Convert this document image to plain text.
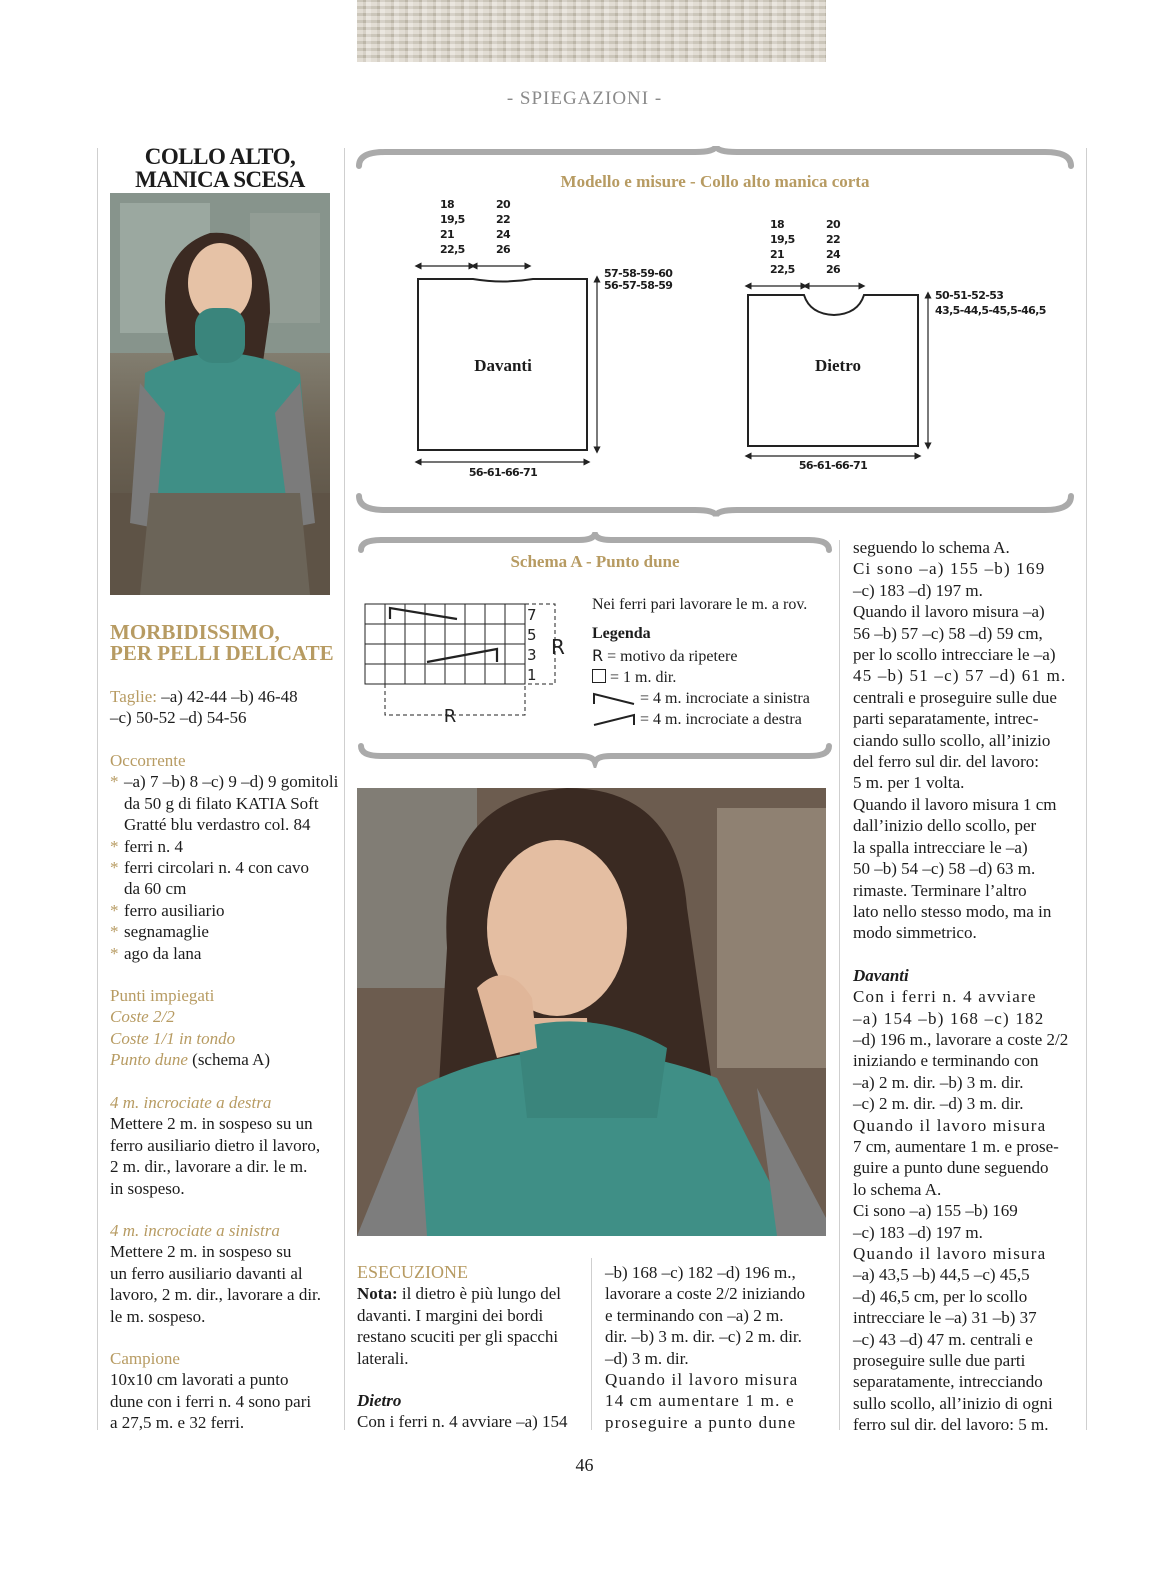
- SPIEGAZIONI -
COLLO ALTO,
MANICA SCESA
MORBIDISSIMO,
PER PELLI DELICATE
Taglie: –a) 42-44 –b) 46-48
–c) 50-52 –d) 54-56
Occorrente
* –a) 7 –b) 8 –c) 9 –d) 9 gomitoli
da 50 g di filato KATIA Soft
Gratté blu verdastro col. 84
* ferri n. 4
* ferri circolari n. 4 con cavo
da 60 cm
* ferro ausiliario
* segnamaglie
* ago da lana
Punti impiegati
Coste 2/2
Coste 1/1 in tondo
Punto dune (schema A)
4 m. incrociate a destra
Mettere 2 m. in sospeso su un
ferro ausiliario dietro il lavoro,
2 m. dir., lavorare a dir. le m.
in sospeso.
4 m. incrociate a sinistra
Mettere 2 m. in sospeso su
un ferro ausiliario davanti al
lavoro, 2 m. dir., lavorare a dir.
le m. sospeso.
Campione
10x10 cm lavorati a punto
dune con i ferri n. 4 sono pari
a 27,5 m. e 32 ferri.
Modello e misure - Collo alto manica corta
18
19,5
21
22,5
20
22
24
26
Davanti
57-58-59-60
56-57-58-59
56-61-66-71
18
19,5
21
22,5
20
22
24
26
Dietro
50-51-52-53
43,5-44,5-45,5-46,5
56-61-66-71
Schema A - Punto dune
R
7
5
3
1
R
Nei ferri pari lavorare le m. a rov.
Legenda
R = motivo da ripetere
= 1 m. dir.
= 4 m. incrociate a sinistra
= 4 m. incrociate a destra
ESECUZIONE
Nota: il dietro è più lungo del
davanti. I margini dei bordi
restano scuciti per gli spacchi
laterali.
Dietro
Con i ferri n. 4 avviare –a) 154
–b) 168 –c) 182 –d) 196 m.,
lavorare a coste 2/2 iniziando
e terminando con –a) 2 m.
dir. –b) 3 m. dir. –c) 2 m. dir.
–d) 3 m. dir.
Quando il lavoro misura
14 cm aumentare 1 m. e
proseguire a punto dune
seguendo lo schema A.
Ci sono –a) 155 –b) 169
–c) 183 –d) 197 m.
Quando il lavoro misura –a)
56 –b) 57 –c) 58 –d) 59 cm,
per lo scollo intrecciare le –a)
45 –b) 51 –c) 57 –d) 61 m.
centrali e proseguire sulle due
parti separatamente, intrec-
ciando sullo scollo, all’inizio
del ferro sul dir. del lavoro:
5 m. per 1 volta.
Quando il lavoro misura 1 cm
dall’inizio dello scollo, per
la spalla intrecciare le –a)
50 –b) 54 –c) 58 –d) 63 m.
rimaste. Terminare l’altro
lato nello stesso modo, ma in
modo simmetrico.
Davanti
Con i ferri n. 4 avviare
–a) 154 –b) 168 –c) 182
–d) 196 m., lavorare a coste 2/2
iniziando e terminando con
–a) 2 m. dir. –b) 3 m. dir.
–c) 2 m. dir. –d) 3 m. dir.
Quando il lavoro misura
7 cm, aumentare 1 m. e prose-
guire a punto dune seguendo
lo schema A.
Ci sono –a) 155 –b) 169
–c) 183 –d) 197 m.
Quando il lavoro misura
–a) 43,5 –b) 44,5 –c) 45,5
–d) 46,5 cm, per lo scollo
intrecciare le –a) 31 –b) 37
–c) 43 –d) 47 m. centrali e
proseguire sulle due parti
separatamente, intrecciando
sullo scollo, all’inizio di ogni
ferro sul dir. del lavoro: 5 m.
46
